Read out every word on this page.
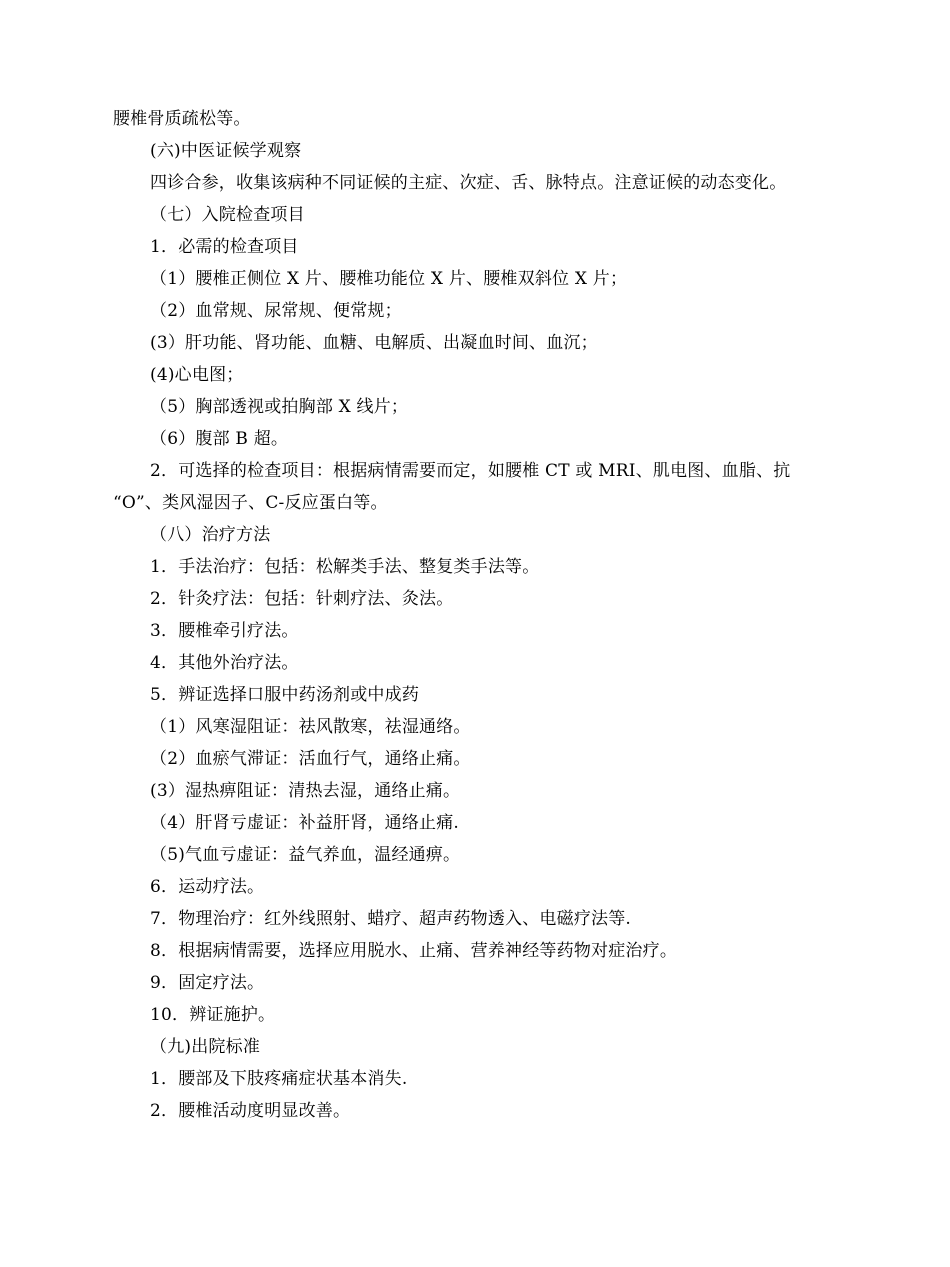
腰椎骨质疏松等。
(六)中医证候学观察
四诊合参，收集该病种不同证候的主症、次症、舌、脉特点。注意证候的动态变化。
（七）入院检查项目
1．必需的检查项目
（1）腰椎正侧位 X 片、腰椎功能位 X 片、腰椎双斜位 X 片；
（2）血常规、尿常规、便常规；
(3）肝功能、肾功能、血糖、电解质、出凝血时间、血沉；
(4)心电图；
（5）胸部透视或拍胸部 X 线片；
（6）腹部 B 超。
2．可选择的检查项目：根据病情需要而定，如腰椎 CT 或 MRI、肌电图、血脂、抗
“O”、类风湿因子、C-反应蛋白等。
（八）治疗方法
1．手法治疗：包括：松解类手法、整复类手法等。
2．针灸疗法：包括：针刺疗法、灸法。
3．腰椎牵引疗法。
4．其他外治疗法。
5．辨证选择口服中药汤剂或中成药
（1）风寒湿阻证：祛风散寒，祛湿通络。
（2）血瘀气滞证：活血行气，通络止痛。
(3）湿热痹阻证：清热去湿，通络止痛。
（4）肝肾亏虚证：补益肝肾，通络止痛.
（5)气血亏虚证：益气养血，温经通痹。
6．运动疗法。
7．物理治疗：红外线照射、蜡疗、超声药物透入、电磁疗法等.
8．根据病情需要，选择应用脱水、止痛、营养神经等药物对症治疗。
9．固定疗法。
10．辨证施护。
（九)出院标准
1．腰部及下肢疼痛症状基本消失.
2．腰椎活动度明显改善。
